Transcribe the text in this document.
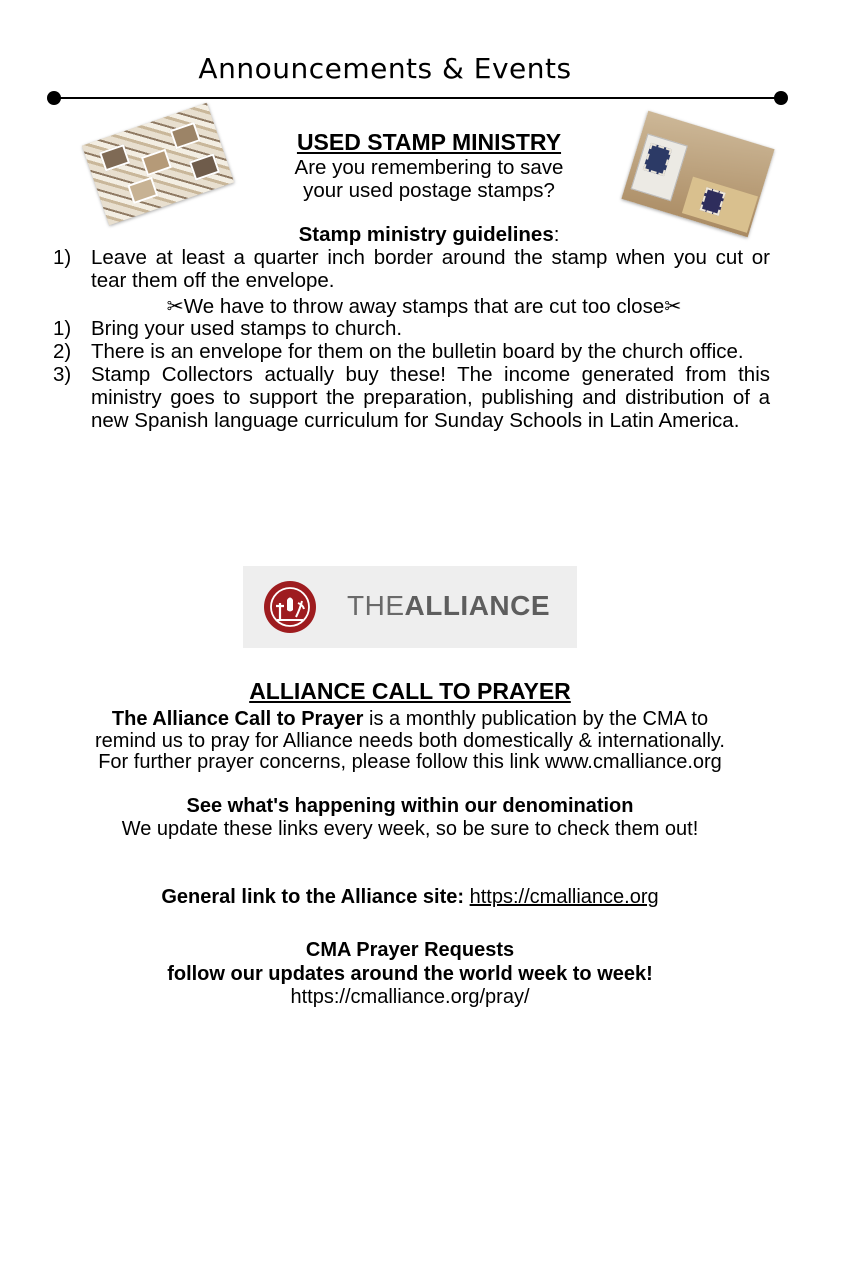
Announcements & Events
USED STAMP MINISTRY
Are you remembering to save
your used postage stamps?
Stamp ministry guidelines:
1) Leave at least a quarter inch border around the stamp when you cut or tear them off the envelope.
✂We have to throw away stamps that are cut too close✂
1) Bring your used stamps to church.
2) There is an envelope for them on the bulletin board by the church office.
3) Stamp Collectors actually buy these! The income generated from this ministry goes to support the preparation, publishing and distribution of a new Spanish language curriculum for Sunday Schools in Latin America.
THEALLIANCE
ALLIANCE CALL TO PRAYER
The Alliance Call to Prayer is a monthly publication by the CMA to
remind us to pray for Alliance needs both domestically & internationally.
For further prayer concerns, please follow this link www.cmalliance.org
See what's happening within our denomination
We update these links every week, so be sure to check them out!
General link to the Alliance site: https://cmalliance.org
CMA Prayer Requests
follow our updates around the world week to week!
https://cmalliance.org/pray/
